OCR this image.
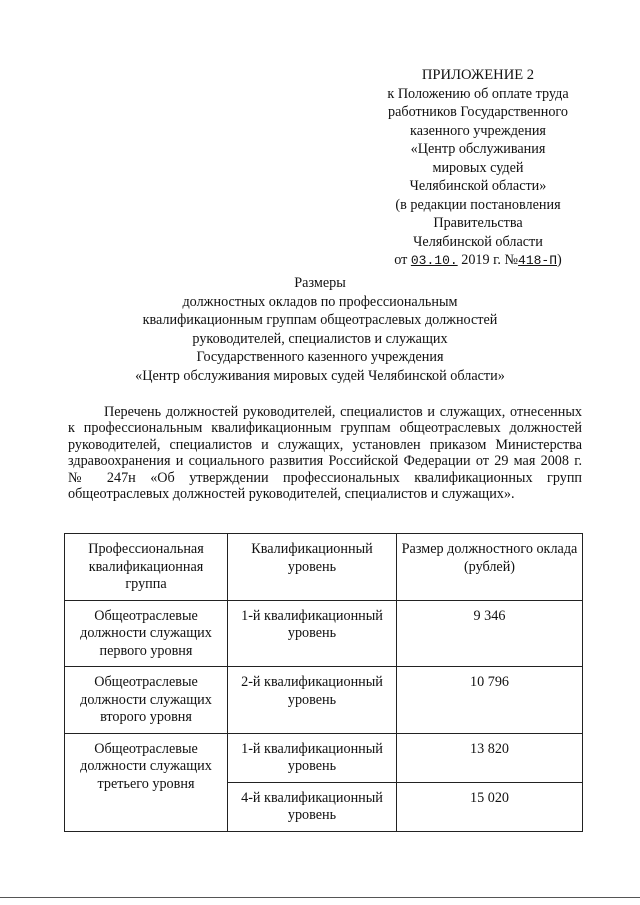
ПРИЛОЖЕНИЕ 2
к Положению об оплате труда
работников Государственного
казенного учреждения
«Центр обслуживания
мировых судей
Челябинской области»
(в редакции постановления
Правительства
Челябинской области
от 03.10. 2019 г. №418-П)
Размеры
должностных окладов по профессиональным
квалификационным группам общеотраслевых должностей
руководителей, специалистов и служащих
Государственного казенного учреждения
«Центр обслуживания мировых судей Челябинской области»

Перечень должностей руководителей, специалистов и служащих, отнесенных к профессиональным квалификационным группам общеотраслевых должностей руководителей, специалистов и служащих, установлен приказом Министерства здравоохранения и социального развития Российской Федерации от 29 мая 2008 г. № 247н «Об утверждении профессиональных квалификационных групп общеотраслевых должностей руководителей, специалистов и служащих».

Профессиональная квалификационная группа	Квалификационный уровень	Размер должностного оклада (рублей)
Общеотраслевые должности служащих первого уровня	1-й квалификационный уровень	9 346
Общеотраслевые должности служащих второго уровня	2-й квалификационный уровень	10 796
Общеотраслевые должности служащих третьего уровня	1-й квалификационный уровень	13 820
	4-й квалификационный уровень	15 020
